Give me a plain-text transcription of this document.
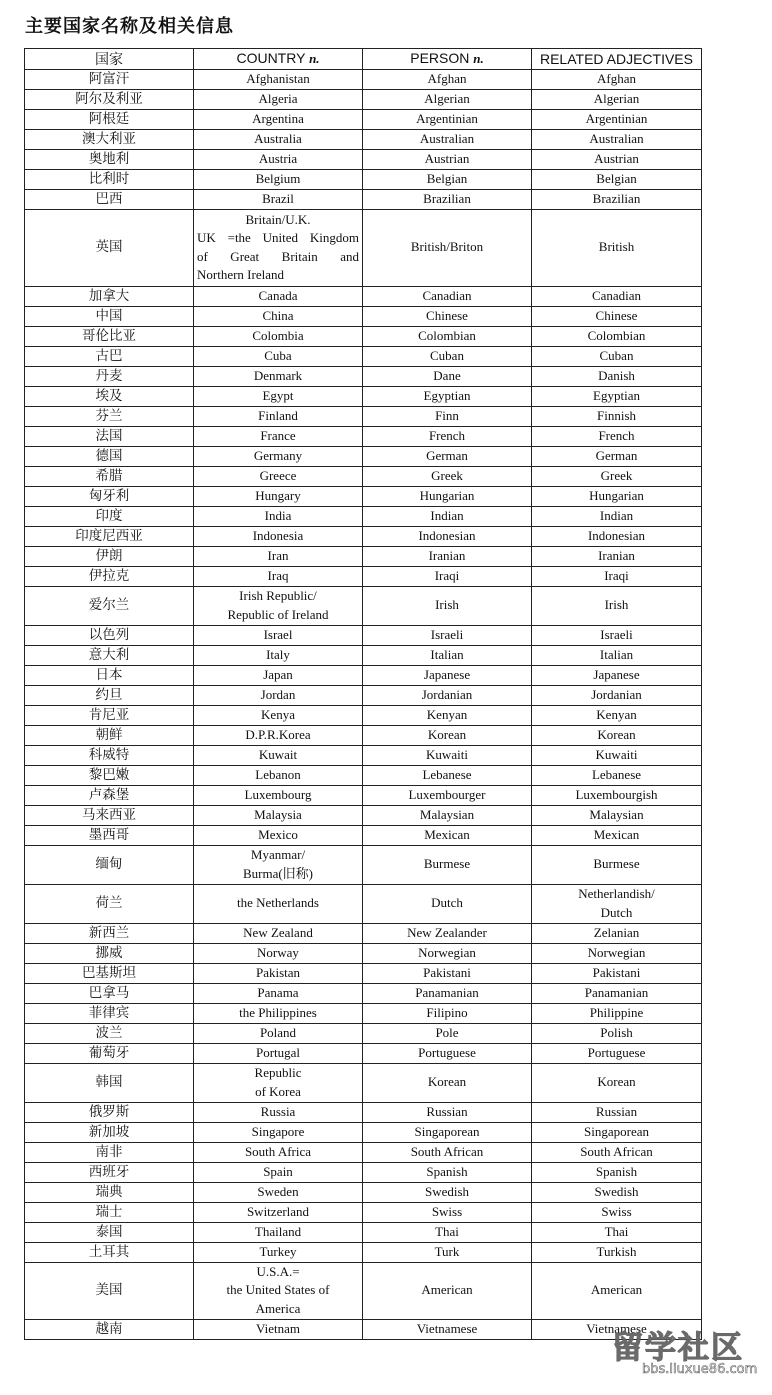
主要国家名称及相关信息
国家	COUNTRY n.	PERSON n.	RELATED ADJECTIVES
阿富汗	Afghanistan	Afghan	Afghan

阿尔及利亚	Algeria	Algerian	Algerian

阿根廷	Argentina	Argentinian	Argentinian

澳大利亚	Australia	Australian	Australian

奥地利	Austria	Austrian	Austrian

比利时	Belgium	Belgian	Belgian

巴西	Brazil	Brazilian	Brazilian

英国	Britain/U.K.
UK =the United Kingdom
of Great Britain and
Northern Ireland	British/Briton	British

加拿大	Canada	Canadian	Canadian

中国	China	Chinese	Chinese

哥伦比亚	Colombia	Colombian	Colombian

古巴	Cuba	Cuban	Cuban

丹麦	Denmark	Dane	Danish

埃及	Egypt	Egyptian	Egyptian

芬兰	Finland	Finn	Finnish

法国	France	French	French

德国	Germany	German	German

希腊	Greece	Greek	Greek

匈牙利	Hungary	Hungarian	Hungarian

印度	India	Indian	Indian

印度尼西亚	Indonesia	Indonesian	Indonesian

伊朗	Iran	Iranian	Iranian

伊拉克	Iraq	Iraqi	Iraqi

爱尔兰	Irish Republic/
Republic of Ireland	Irish	Irish

以色列	Israel	Israeli	Israeli

意大利	Italy	Italian	Italian

日本	Japan	Japanese	Japanese

约旦	Jordan	Jordanian	Jordanian

肯尼亚	Kenya	Kenyan	Kenyan

朝鲜	D.P.R.Korea	Korean	Korean

科威特	Kuwait	Kuwaiti	Kuwaiti

黎巴嫩	Lebanon	Lebanese	Lebanese

卢森堡	Luxembourg	Luxembourger	Luxembourgish

马来西亚	Malaysia	Malaysian	Malaysian

墨西哥	Mexico	Mexican	Mexican

缅甸	Myanmar/
Burma(旧称)	Burmese	Burmese

荷兰	the Netherlands	Dutch	Netherlandish/
Dutch

新西兰	New Zealand	New Zealander	Zelanian

挪威	Norway	Norwegian	Norwegian

巴基斯坦	Pakistan	Pakistani	Pakistani

巴拿马	Panama	Panamanian	Panamanian

菲律宾	the Philippines	Filipino	Philippine

波兰	Poland	Pole	Polish

葡萄牙	Portugal	Portuguese	Portuguese

韩国	Republic
of Korea	Korean	Korean

俄罗斯	Russia	Russian	Russian

新加坡	Singapore	Singaporean	Singaporean

南非	South Africa	South African	South African

西班牙	Spain	Spanish	Spanish

瑞典	Sweden	Swedish	Swedish

瑞士	Switzerland	Swiss	Swiss

泰国	Thailand	Thai	Thai

土耳其	Turkey	Turk	Turkish

美国	U.S.A.=
the United States of
America	American	American

越南	Vietnam	Vietnamese	Vietnamese
留学社区
bbs.liuxue86.com
